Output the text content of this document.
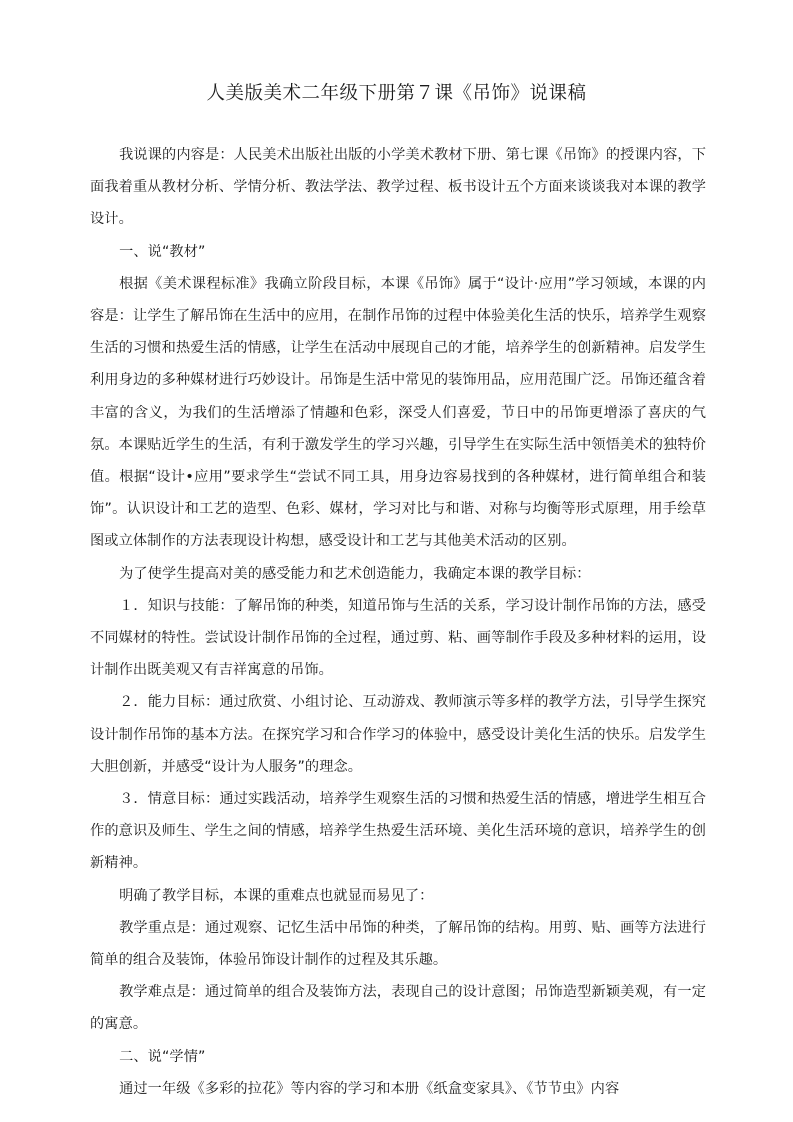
人美版美术二年级下册第７课《吊饰》说课稿

我说课的内容是：人民美术出版社出版的小学美术教材下册、第七课《吊饰》的授课内容，下面我着重从教材分析、学情分析、教法学法、教学过程、板书设计五个方面来谈谈我对本课的教学设计。

一、说“教材”

根据《美术课程标准》我确立阶段目标，本课《吊饰》属于“设计·应用”学习领域，本课的内容是：让学生了解吊饰在生活中的应用，在制作吊饰的过程中体验美化生活的快乐，培养学生观察生活的习惯和热爱生活的情感，让学生在活动中展现自己的才能，培养学生的创新精神。启发学生利用身边的多种媒材进行巧妙设计。吊饰是生活中常见的装饰用品，应用范围广泛。吊饰还蕴含着丰富的含义，为我们的生活增添了情趣和色彩，深受人们喜爱，节日中的吊饰更增添了喜庆的气氛。本课贴近学生的生活，有利于激发学生的学习兴趣，引导学生在实际生活中领悟美术的独特价值。根据“设计•应用”要求学生“尝试不同工具，用身边容易找到的各种媒材，进行简单组合和装饰”。认识设计和工艺的造型、色彩、媒材，学习对比与和谐、对称与均衡等形式原理，用手绘草图或立体制作的方法表现设计构想，感受设计和工艺与其他美术活动的区别。

为了使学生提高对美的感受能力和艺术创造能力，我确定本课的教学目标：

１．知识与技能：了解吊饰的种类，知道吊饰与生活的关系，学习设计制作吊饰的方法，感受不同媒材的特性。尝试设计制作吊饰的全过程，通过剪、粘、画等制作手段及多种材料的运用，设计制作出既美观又有吉祥寓意的吊饰。

２．能力目标：通过欣赏、小组讨论、互动游戏、教师演示等多样的教学方法，引导学生探究设计制作吊饰的基本方法。在探究学习和合作学习的体验中，感受设计美化生活的快乐。启发学生大胆创新，并感受“设计为人服务”的理念。

３．情意目标：通过实践活动，培养学生观察生活的习惯和热爱生活的情感，增进学生相互合作的意识及师生、学生之间的情感，培养学生热爱生活环境、美化生活环境的意识，培养学生的创新精神。

明确了教学目标，本课的重难点也就显而易见了：

教学重点是：通过观察、记忆生活中吊饰的种类，了解吊饰的结构。用剪、贴、画等方法进行简单的组合及装饰，体验吊饰设计制作的过程及其乐趣。

教学难点是：通过简单的组合及装饰方法，表现自己的设计意图；吊饰造型新颖美观，有一定的寓意。

二、说“学情”

通过一年级《多彩的拉花》等内容的学习和本册《纸盒变家具》、《节节虫》内容
